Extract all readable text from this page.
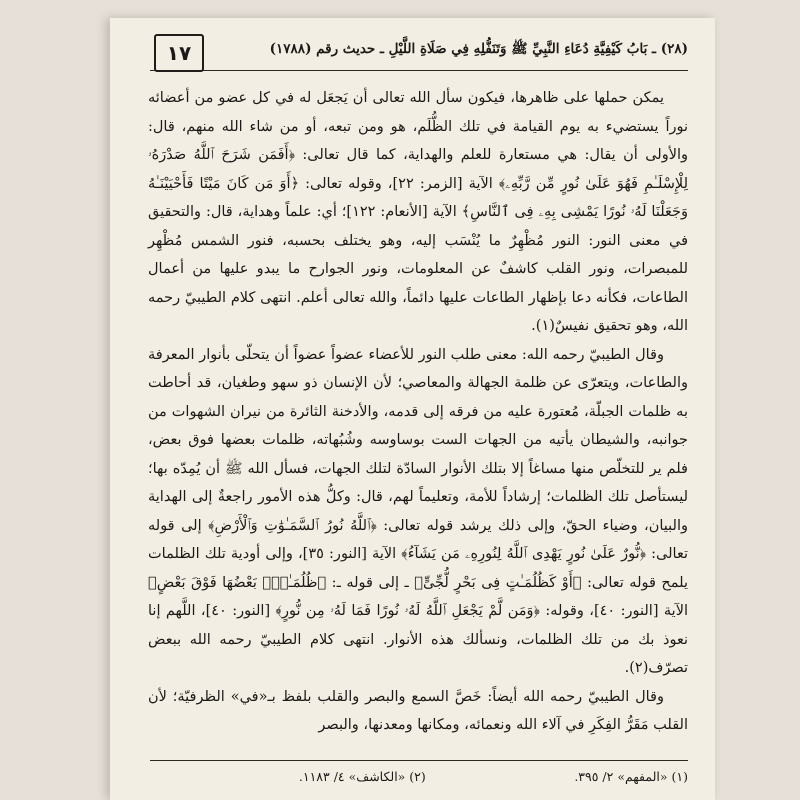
(٢٨) ـ بَابُ كَيْفِيَّةِ دُعَاءِ النَّبِيِّ ﷺ وَتَنَفُّلِهِ فِي صَلَاةِ اللَّيْلِ ـ حديث رقم (١٧٨٨)
١٧

يمكن حملها على ظاهرها، فيكون سأل الله تعالى أن يَجعَل له في كل عضو من أعضائه نوراً يستضيء به يوم القيامة في تلك الظُّلَم، هو ومن تبعه، أو من شاء الله منهم، قال: والأولى أن يقال: هي مستعارة للعلم والهداية، كما قال تعالى: ﴿أَفَمَن شَرَحَ ٱللَّهُ صَدْرَهُۥ لِلْإِسْلَـٰمِ فَهُوَ عَلَىٰ نُورٍ مِّن رَّبِّهِۦ﴾ الآية [الزمر: ٢٢]، وقوله تعالى: ﴿أَوَ مَن كَانَ مَيْتًا فَأَحْيَيْنَـٰهُ وَجَعَلْنَا لَهُۥ نُورًا يَمْشِى بِهِۦ فِى ٱلنَّاسِ﴾ الآية [الأنعام: ١٢٢]؛ أي: علماً وهداية، قال: والتحقيق في معنى النور: النور مُظْهِرٌ ما يُنْسَب إليه، وهو يختلف بحسبه، فنور الشمس مُظْهِر للمبصرات، ونور القلب كاشفٌ عن المعلومات، ونور الجوارح ما يبدو عليها من أعمال الطاعات، فكأنه دعا بإظهار الطاعات عليها دائماً، والله تعالى أعلم. انتهى كلام الطيبيّ رحمه الله، وهو تحقيق نفيسٌ(١).

وقال الطيبيّ رحمه الله: معنى طلب النور للأعضاء عضواً عضواً أن يتحلّى بأنوار المعرفة والطاعات، ويتعرّى عن ظلمة الجهالة والمعاصي؛ لأن الإنسان ذو سهو وطغيان، قد أحاطت به ظلمات الجبلّة، مُعتورة عليه من فرقه إلى قدمه، والأدخنة الثائرة من نيران الشهوات من جوانبه، والشيطان يأتيه من الجهات الست بوساوسه وشُبُهاته، ظلمات بعضها فوق بعض، فلم ير للتخلّص منها مساغاً إلا بتلك الأنوار السادّة لتلك الجهات، فسأل الله ﷺ أن يُمِدّه بها؛ ليستأصل تلك الظلمات؛ إرشاداً للأمة، وتعليماً لهم، قال: وكلُّ هذه الأمور راجعةٌ إلى الهداية والبيان، وضياء الحقّ، وإلى ذلك يرشد قوله تعالى: ﴿ٱللَّهُ نُورُ ٱلسَّمَـٰوَٰتِ وَٱلْأَرْضِ﴾ إلى قوله تعالى: ﴿نُّورٌ عَلَىٰ نُورٍ يَهْدِى ٱللَّهُ لِنُورِهِۦ مَن يَشَآءُ﴾ الآية [النور: ٣٥]، وإلى أودية تلك الظلمات يلمح قوله تعالى: ﴿أَوْ كَظُلُمَـٰتٍ فِى بَحْرٍ لُّجِّىٍّ﴾ ـ إلى قوله ـ: ﴿ظُلُمَـٰتٌۢ بَعْضُهَا فَوْقَ بَعْضٍ﴾ الآية [النور: ٤٠]، وقوله: ﴿وَمَن لَّمْ يَجْعَلِ ٱللَّهُ لَهُۥ نُورًا فَمَا لَهُۥ مِن نُّورٍ﴾ [النور: ٤٠]، اللَّهم إنا نعوذ بك من تلك الظلمات، ونسألك هذه الأنوار. انتهى كلام الطيبيّ رحمه الله ببعض تصرّف(٢).

وقال الطيبيّ رحمه الله أيضاً: خَصَّ السمع والبصر والقلب بلفظ بـ«في» الظرفيّة؛ لأن القلب مَقَرُّ الفِكَرِ في آلاء الله ونعمائه، ومكانها ومعدنها، والبصر

(١) «المفهم» ٢/ ٣٩٥. (٢) «الكاشف» ٤/ ١١٨٣.
